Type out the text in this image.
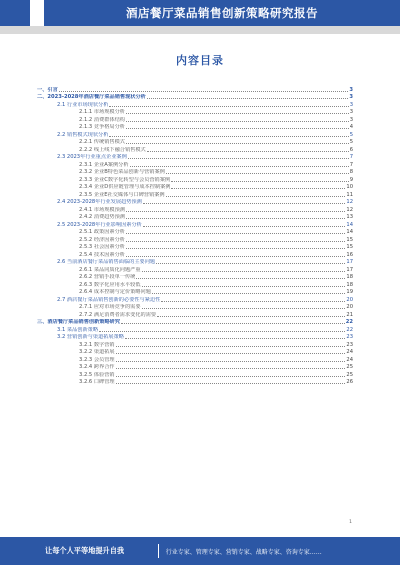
酒店餐厅菜品销售创新策略研究报告
内容目录
一、引言	3
二、2023-2028年酒店餐厅菜品销售现状分析	3
2.1 行业市场现状分析	3
2.1.1 市场规模分析	3
2.1.2 消费群体结构	3
2.1.3 竞争格局分析	4
2.2 销售模式现状分析	5
2.2.1 传统销售模式	5
2.2.2 线上线下融合销售模式	6
2.3 2023年行业重点企业案例	7
2.3.1 企业A案例分析	7
2.3.2 企业B特色菜品创新与营销案例	8
2.3.3 企业C数字化转型与会员营销案例	9
2.3.4 企业D供应链管理与成本控制案例	10
2.3.5 企业E社交媒体与口碑营销案例	11
2.4 2023-2028年行业发展趋势预测	12
2.4.1 市场规模预测	12
2.4.2 消费趋势预测	13
2.5 2023-2028年行业影响因素分析	14
2.5.1 政策因素分析	14
2.5.2 经济因素分析	15
2.5.3 社会因素分析	15
2.5.4 技术因素分析	16
2.6 当前酒店餐厅菜品销售面临的主要问题	17
2.6.1 菜品同质化问题严重	17
2.6.2 营销手段单一传统	18
2.6.3 数字化应用水平较低	18
2.6.4 成本控制与定价策略问题	19
2.7 酒店餐厅菜品销售创新的必要性与紧迫性	20
2.7.1 应对市场竞争的需要	20
2.7.2 满足消费者需求变化的需要	21
三、酒店餐厅菜品销售创新策略研究	22
3.1 菜品创新策略	22
3.2 营销创新与渠道拓展策略	23
3.2.1 数字营销	23
3.2.2 渠道拓展	24
3.2.3 会员管理	24
3.2.4 跨界合作	25
3.2.5 体验营销	25
3.2.6 口碑管理	26
1
让每个人平等地提升自我	行业专家、管理专家、营销专家、战略专家、咨询专家……
